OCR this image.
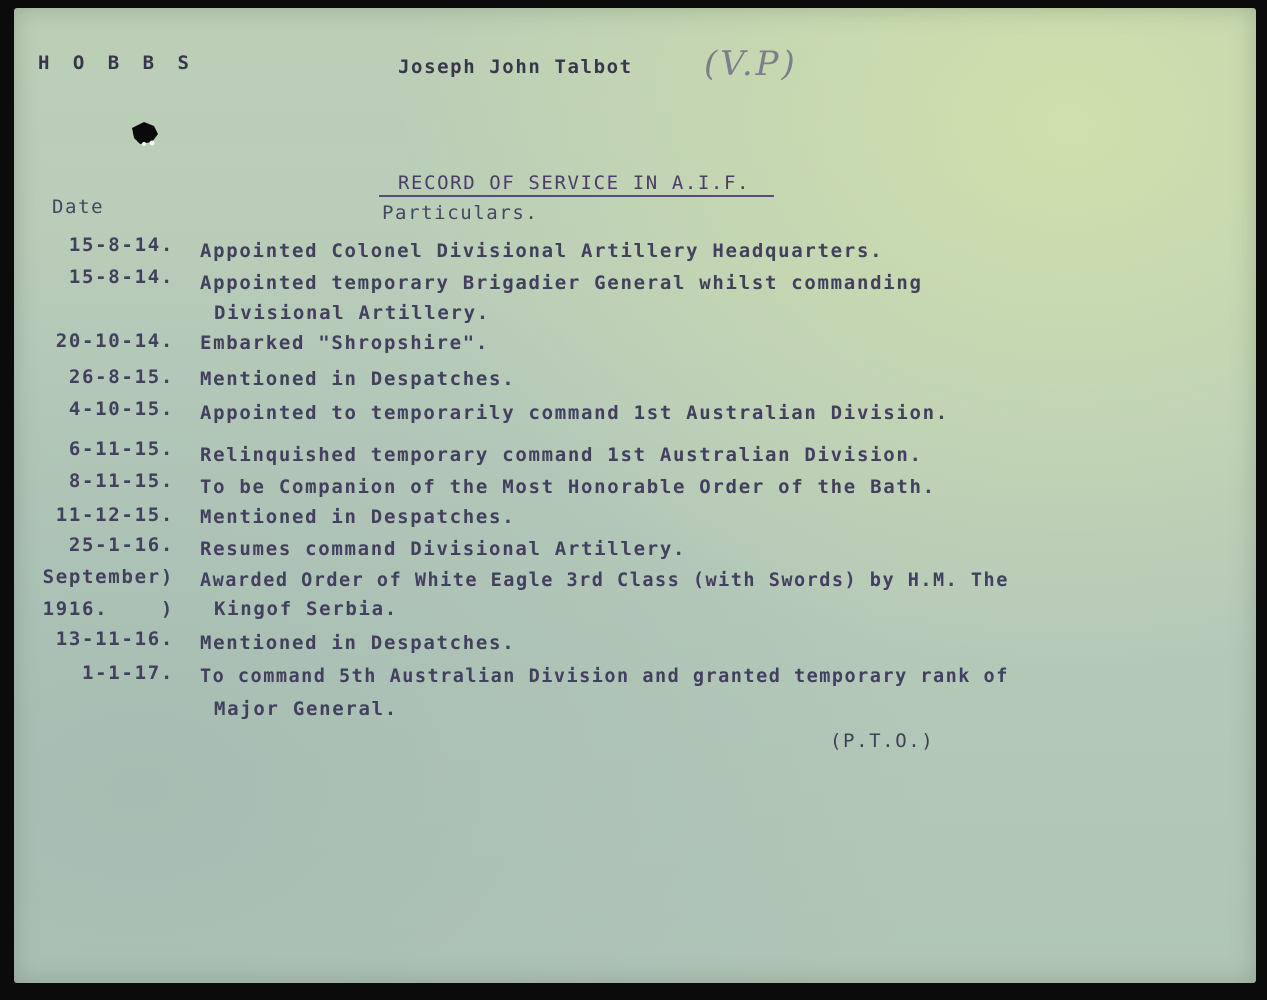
H O B B S	Joseph John Talbot (V.P)
RECORD OF SERVICE IN A.I.F.
Date	Particulars.
15-8-14. Appointed Colonel Divisional Artillery Headquarters.
15-8-14. Appointed temporary Brigadier General whilst commanding
Divisional Artillery.
20-10-14. Embarked "Shropshire".
26-8-15. Mentioned in Despatches.
4-10-15. Appointed to temporarily command 1st Australian Division.
6-11-15. Relinquished temporary command 1st Australian Division.
8-11-15. To be Companion of the Most Honorable Order of the Bath.
11-12-15. Mentioned in Despatches.
25-1-16. Resumes command Divisional Artillery.
September) Awarded Order of White Eagle 3rd Class (with Swords) by H.M. The
1916.    ) Kingof Serbia.
13-11-16. Mentioned in Despatches.
1-1-17. To command 5th Australian Division and granted temporary rank of
Major General.
(P.T.O.)
